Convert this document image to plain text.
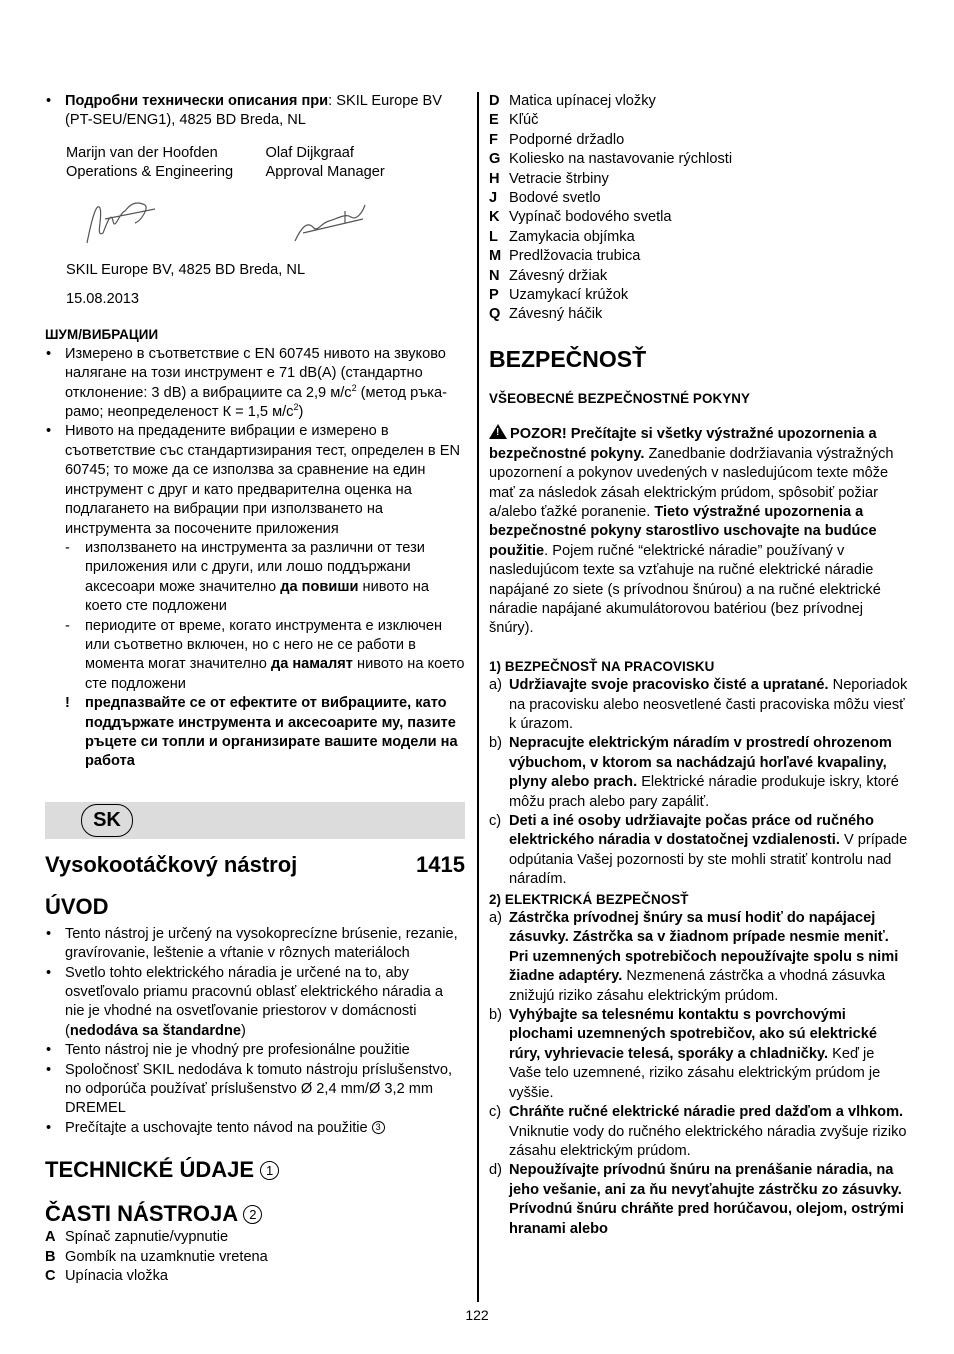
• Подробни технически описания при: SKIL Europe BV (PT-SEU/ENG1), 4825 BD Breda, NL

Marijn van der Hoofden

Operations & Engineering

Olaf Dijkgraaf

Approval Manager

SKIL Europe BV, 4825 BD Breda, NL

15.08.2013

ШУМ/ВИБРАЦИИ

• Измерено в съответствие с EN 60745 нивото на звуково налягане на този инструмент е 71 dB(A) (стандартно отклонение: 3 dB) а вибрациите са 2,9 $м/с^2$ (метод ръка-рамо; неопределеност К = 1,5 $м/с^2$)

• Нивото на предадените вибрации е измерено в съответствие със стандартизирания тест, определен в EN 60745; то може да се използва за сравнение на един инструмент с друг и като предварителна оценка на подлагането на вибрации при използването на инструмента за посочените приложения

- използването на инструмента за различни от тези приложения или с други, или лошо поддържани аксесоари може значително да повиши нивото на което сте подложени

- периодите от време, когато инструмента е изключен или съответно включен, но с него не се работи в момента могат значително да намалят нивото на което сте подложени

! предпазвайте се от ефектите от вибрациите, като поддържате инструмента и аксесоарите му, пазите ръцете си топли и организирате вашите модели на работа

SK
Vysokootáčkový nástroj	1415

ÚVOD

• Tento nástroj je určený na vysokoprecízne brúsenie, rezanie, gravírovanie, leštenie a vŕtanie v rôznych materiáloch

• Svetlo tohto elektrického náradia je určené na to, aby osvetľovalo priamu pracovnú oblasť elektrického náradia a nie je vhodné na osvetľovanie priestorov v domácnosti (nedodáva sa štandardne)

• Tento nástroj nie je vhodný pre profesionálne použitie

• Spoločnosť SKIL nedodáva k tomuto nástroju príslušenstvo, no odporúča používať príslušenstvo Ø 2,4 mm/Ø 3,2 mm DREMEL

• Prečítajte a uschovajte tento návod na použitie 3

TECHNICKÉ ÚDAJE 1

ČASTI NÁSTROJA 2

A Spínač zapnutie/vypnutie
B Gombík na uzamknutie vretena
C Upínacia vložka
D Matica upínacej vložky
E Kľúč
F Podporné držadlo
G Koliesko na nastavovanie rýchlosti
H Vetracie štrbiny
J Bodové svetlo
K Vypínač bodového svetla
L Zamykacia objímka
M Predlžovacia trubica
N Závesný držiak
P Uzamykací krúžok
Q Závesný háčik

BEZPEČNOSŤ

VŠEOBECNÉ BEZPEČNOSTNÉ POKYNY

!POZOR! Prečítajte si všetky výstražné upozornenia a bezpečnostné pokyny. Zanedbanie dodržiavania výstražných upozornení a pokynov uvedených v nasledujúcom texte môže mať za následok zásah elektrickým prúdom, spôsobiť požiar a/alebo ťažké poranenie. Tieto výstražné upozornenia a bezpečnostné pokyny starostlivo uschovajte na budúce použitie. Pojem ručné “elektrické náradie” používaný v nasledujúcom texte sa vzťahuje na ručné elektrické náradie napájané zo siete (s prívodnou šnúrou) a na ručné elektrické náradie napájané akumulátorovou batériou (bez prívodnej šnúry).

1) BEZPEČNOSŤ NA PRACOVISKU

a) Udržiavajte svoje pracovisko čisté a upratané. Neporiadok na pracovisku alebo neosvetlené časti pracoviska môžu viesť k úrazom.

b) Nepracujte elektrickým náradím v prostredí ohrozenom výbuchom, v ktorom sa nachádzajú horľavé kvapaliny, plyny alebo prach. Elektrické náradie produkuje iskry, ktoré môžu prach alebo pary zapáliť.

c) Deti a iné osoby udržiavajte počas práce od ručného elektrického náradia v dostatočnej vzdialenosti. V prípade odpútania Vašej pozornosti by ste mohli stratiť kontrolu nad náradím.

2) ELEKTRICKÁ BEZPEČNOSŤ

a) Zástrčka prívodnej šnúry sa musí hodiť do napájacej zásuvky. Zástrčka sa v žiadnom prípade nesmie meniť. Pri uzemnených spotrebičoch nepoužívajte spolu s nimi žiadne adaptéry. Nezmenená zástrčka a vhodná zásuvka znižujú riziko zásahu elektrickým prúdom.

b) Vyhýbajte sa telesnému kontaktu s povrchovými plochami uzemnených spotrebičov, ako sú elektrické rúry, vyhrievacie telesá, sporáky a chladničky. Keď je Vaše telo uzemnené, riziko zásahu elektrickým prúdom je vyššie.

c) Chráňte ručné elektrické náradie pred dažďom a vlhkom. Vniknutie vody do ručného elektrického náradia zvyšuje riziko zásahu elektrickým prúdom.

d) Nepoužívajte prívodnú šnúru na prenášanie náradia, na jeho vešanie, ani za ňu nevyťahujte zástrčku zo zásuvky. Prívodnú šnúru chráňte pred horúčavou, olejom, ostrými hranami alebo

122
